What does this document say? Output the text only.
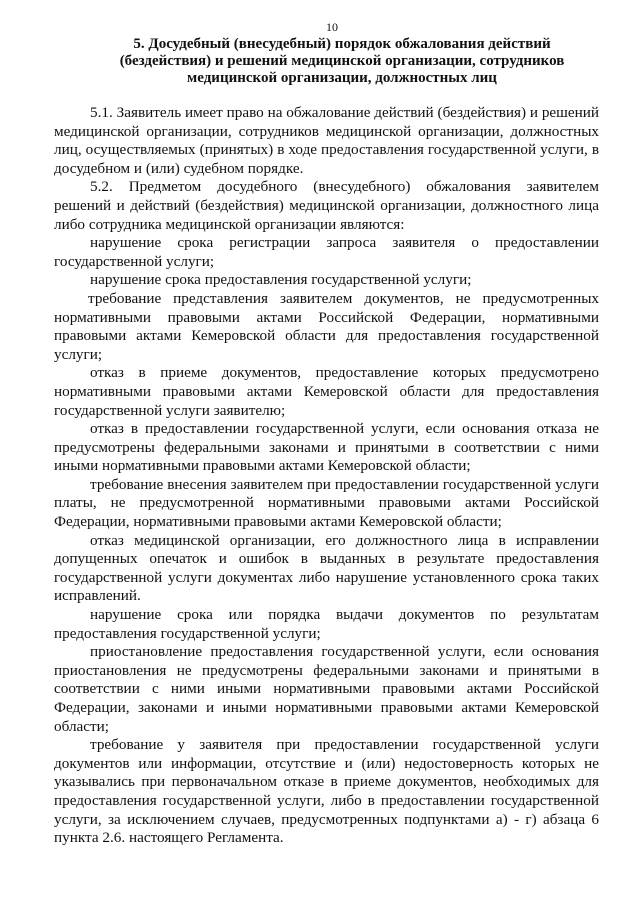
10
5. Досудебный (внесудебный) порядок обжалования действий (бездействия) и решений медицинской организации, сотрудников медицинской организации, должностных лиц

5.1. Заявитель имеет право на обжалование действий (бездействия) и решений медицинской организации, сотрудников медицинской организации, должностных лиц, осуществляемых (принятых) в ходе предоставления государственной услуги, в досудебном и (или) судебном порядке.

5.2. Предметом досудебного (внесудебного) обжалования заявителем решений и действий (бездействия) медицинской организации, должностного лица либо сотрудника медицинской организации являются:

нарушение срока регистрации запроса заявителя о предоставлении государственной услуги;

нарушение срока предоставления государственной услуги;

требование представления заявителем документов, не предусмотренных нормативными правовыми актами Российской Федерации, нормативными правовыми актами Кемеровской области для предоставления государственной услуги;

отказ в приеме документов, предоставление которых предусмотрено нормативными правовыми актами Кемеровской области для предоставления государственной услуги заявителю;

отказ в предоставлении государственной услуги, если основания отказа не предусмотрены федеральными законами и принятыми в соответствии с ними иными нормативными правовыми актами Кемеровской области;

требование внесения заявителем при предоставлении государственной услуги платы, не предусмотренной нормативными правовыми актами Российской Федерации, нормативными правовыми актами Кемеровской области;

отказ медицинской организации, его должностного лица в исправлении допущенных опечаток и ошибок в выданных в результате предоставления государственной услуги документах либо нарушение установленного срока таких исправлений.

нарушение срока или порядка выдачи документов по результатам предоставления государственной услуги;

приостановление предоставления государственной услуги, если основания приостановления не предусмотрены федеральными законами и принятыми в соответствии с ними иными нормативными правовыми актами Российской Федерации, законами и иными нормативными правовыми актами Кемеровской области;

требование у заявителя при предоставлении государственной услуги документов или информации, отсутствие и (или) недостоверность которых не указывались при первоначальном отказе в приеме документов, необходимых для предоставления государственной услуги, либо в предоставлении государственной услуги, за исключением случаев, предусмотренных подпунктами а) - г) абзаца 6 пункта 2.6. настоящего Регламента.
